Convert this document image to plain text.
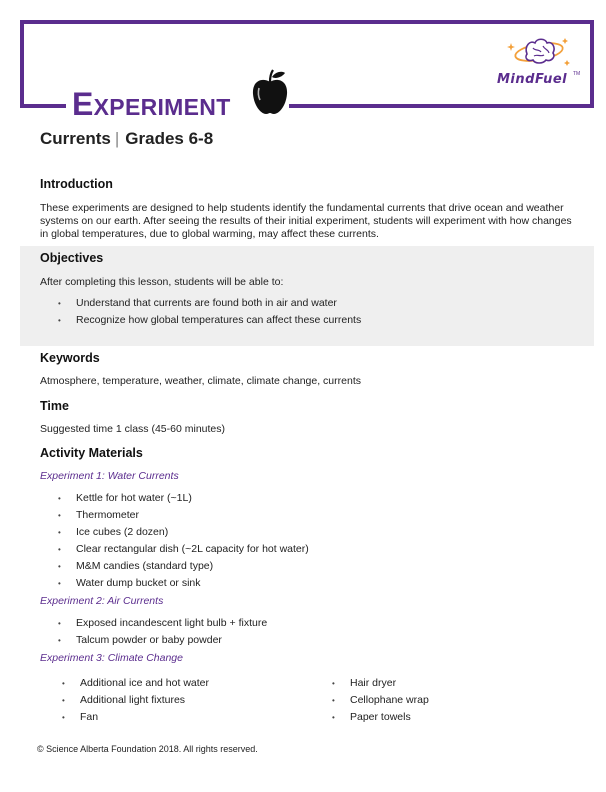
EXPERIMENT
MindFuel TM
Currents | Grades 6-8
Introduction

These experiments are designed to help students identify the fundamental currents that drive ocean and weather systems on our earth. After seeing the results of their initial experiment, students will experiment with how changes in global temperatures, due to global warming, may affect these currents.

Objectives

After completing this lesson, students will be able to:

• Understand that currents are found both in air and water
• Recognize how global temperatures can affect these currents
Keywords

Atmosphere, temperature, weather, climate, climate change, currents

Time

Suggested time 1 class (45-60 minutes)

Activity Materials
Experiment 1: Water Currents
• Kettle for hot water (~1L)
• Thermometer
• Ice cubes (2 dozen)
• Clear rectangular dish (~2L capacity for hot water)
• M&M candies (standard type)
• Water dump bucket or sink
Experiment 2: Air Currents
• Exposed incandescent light bulb + fixture
• Talcum powder or baby powder
Experiment 3: Climate Change
• Additional ice and hot water
• Additional light fixtures
• Fan
• Hair dryer
• Cellophane wrap
• Paper towels
© Science Alberta Foundation 2018. All rights reserved.
